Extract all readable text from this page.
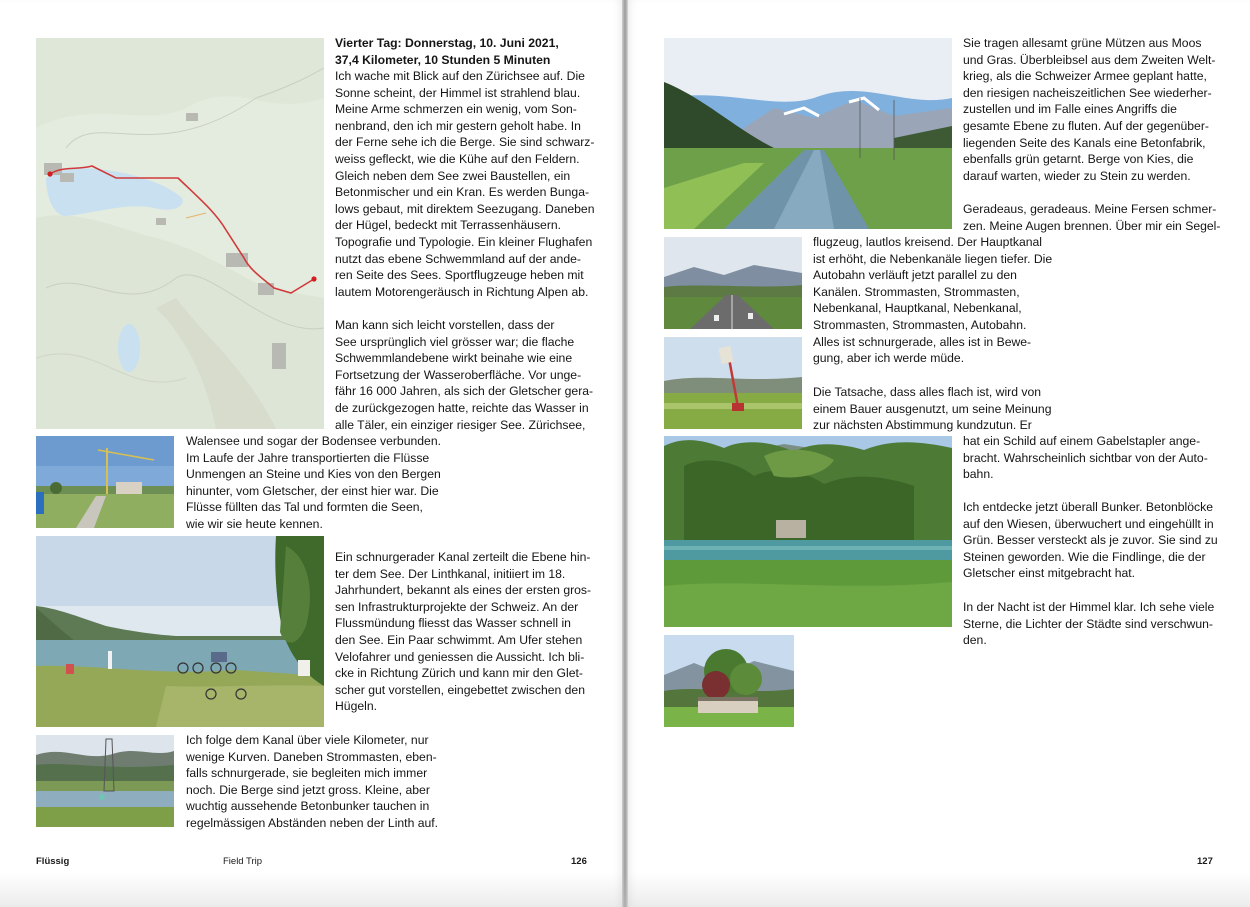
Vierter Tag: Donnerstag, 10. Juni 2021,
37,4 Kilometer, 10 Stunden 5 Minuten

Ich wache mit Blick auf den Zürichsee auf. Die
Sonne scheint, der Himmel ist strahlend blau.
Meine Arme schmerzen ein wenig, vom Son-
nenbrand, den ich mir gestern geholt habe. In
der Ferne sehe ich die Berge. Sie sind schwarz-
weiss gefleckt, wie die Kühe auf den Feldern.
Gleich neben dem See zwei Baustellen, ein
Betonmischer und ein Kran. Es werden Bunga-
lows gebaut, mit direktem Seezugang. Daneben
der Hügel, bedeckt mit Terrassenhäusern.
Topografie und Typologie. Ein kleiner Flughafen
nutzt das ebene Schwemmland auf der ande-
ren Seite des Sees. Sportflugzeuge heben mit
lautem Motorengeräusch in Richtung Alpen ab.

Man kann sich leicht vorstellen, dass der
See ursprünglich viel grösser war; die flache
Schwemmlandebene wirkt beinahe wie eine
Fortsetzung der Wasseroberfläche. Vor unge-
fähr 16 000 Jahren, als sich der Gletscher gera-
de zurückgezogen hatte, reichte das Wasser in
alle Täler, ein einziger riesiger See. Zürichsee,

Walensee und sogar der Bodensee verbunden.
Im Laufe der Jahre transportierten die Flüsse
Unmengen an Steine und Kies von den Bergen
hinunter, vom Gletscher, der einst hier war. Die
Flüsse füllten das Tal und formten die Seen,
wie wir sie heute kennen.

Ein schnurgerader Kanal zerteilt die Ebene hin-
ter dem See. Der Linthkanal, initiiert im 18.
Jahrhundert, bekannt als eines der ersten gros-
sen Infrastrukturprojekte der Schweiz. An der
Flussmündung fliesst das Wasser schnell in
den See. Ein Paar schwimmt. Am Ufer stehen
Velofahrer und geniessen die Aussicht. Ich bli-
cke in Richtung Zürich und kann mir den Glet-
scher gut vorstellen, eingebettet zwischen den
Hügeln.

Ich folge dem Kanal über viele Kilometer, nur
wenige Kurven. Daneben Strommasten, eben-
falls schnurgerade, sie begleiten mich immer
noch. Die Berge sind jetzt gross. Kleine, aber
wuchtig aussehende Betonbunker tauchen in
regelmässigen Abständen neben der Linth auf.

Flüssig	Field Trip	126

Sie tragen allesamt grüne Mützen aus Moos
und Gras. Überbleibsel aus dem Zweiten Welt-
krieg, als die Schweizer Armee geplant hatte,
den riesigen nacheiszeitlichen See wiederher-
zustellen und im Falle eines Angriffs die
gesamte Ebene zu fluten. Auf der gegenüber-
liegenden Seite des Kanals eine Betonfabrik,
ebenfalls grün getarnt. Berge von Kies, die
darauf warten, wieder zu Stein zu werden.

Geradeaus, geradeaus. Meine Fersen schmer-
zen. Meine Augen brennen. Über mir ein Segel-

flugzeug, lautlos kreisend. Der Hauptkanal
ist erhöht, die Nebenkanäle liegen tiefer. Die
Autobahn verläuft jetzt parallel zu den
Kanälen. Strommasten, Strommasten,
Nebenkanal, Hauptkanal, Nebenkanal,
Strommasten, Strommasten, Autobahn.
Alles ist schnurgerade, alles ist in Bewe-
gung, aber ich werde müde.

Die Tatsache, dass alles flach ist, wird von
einem Bauer ausgenutzt, um seine Meinung
zur nächsten Abstimmung kundzutun. Er

hat ein Schild auf einem Gabelstapler ange-
bracht. Wahrscheinlich sichtbar von der Auto-
bahn.

Ich entdecke jetzt überall Bunker. Betonblöcke
auf den Wiesen, überwuchert und eingehüllt in
Grün. Besser versteckt als je zuvor. Sie sind zu
Steinen geworden. Wie die Findlinge, die der
Gletscher einst mitgebracht hat.

In der Nacht ist der Himmel klar. Ich sehe viele
Sterne, die Lichter der Städte sind verschwun-
den.

127
